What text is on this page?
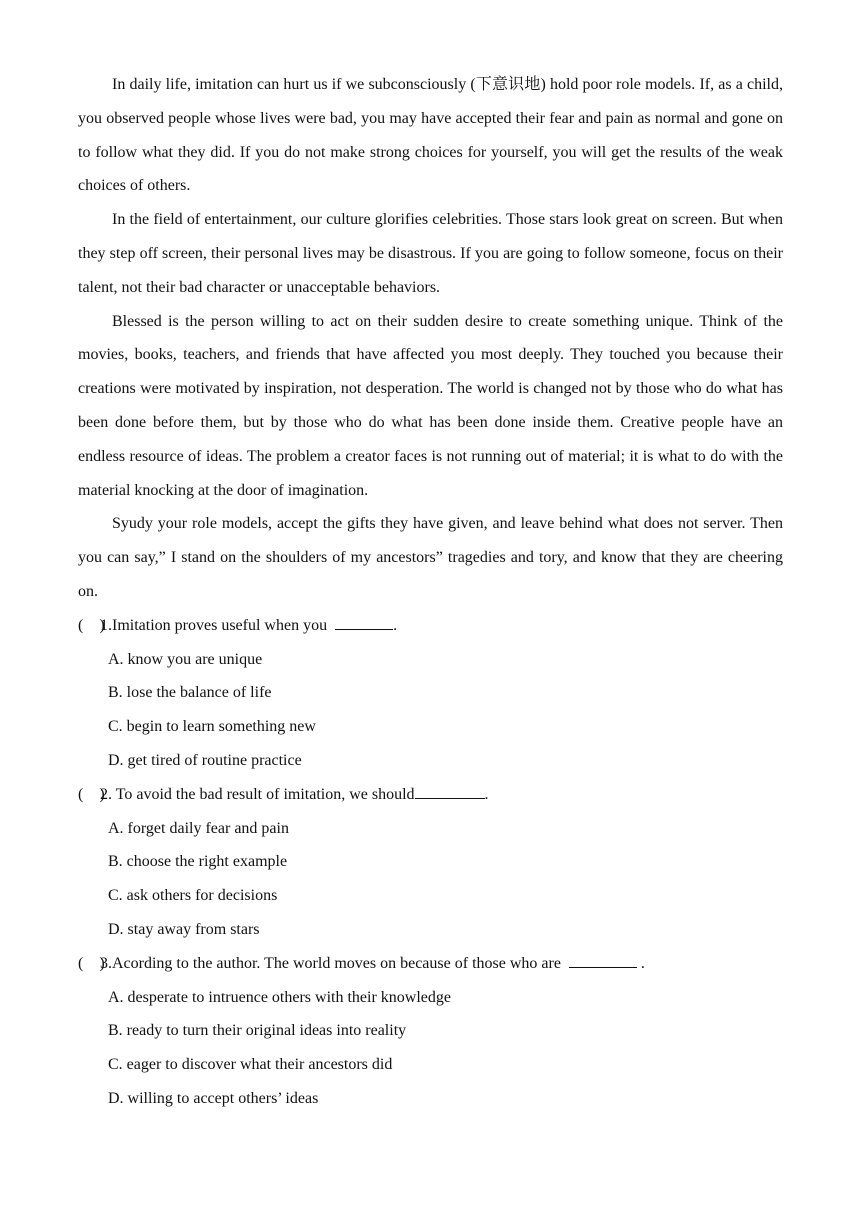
In daily life, imitation can hurt us if we subconsciously (下意识地) hold poor role models. If, as a child, you observed people whose lives were bad, you may have accepted their fear and pain as normal and gone on to follow what they did. If you do not make strong choices for yourself, you will get the results of the weak choices of others.

In the field of entertainment, our culture glorifies celebrities. Those stars look great on screen. But when they step off screen, their personal lives may be disastrous. If you are going to follow someone, focus on their talent, not their bad character or unacceptable behaviors.

Blessed is the person willing to act on their sudden desire to create something unique. Think of the movies, books, teachers, and friends that have affected you most deeply. They touched you because their creations were motivated by inspiration, not desperation. The world is changed not by those who do what has been done before them, but by those who do what has been done inside them. Creative people have an endless resource of ideas. The problem a creator faces is not running out of material; it is what to do with the material knocking at the door of imagination.

Syudy your role models, accept the gifts they have given, and leave behind what does not server. Then you can say,” I stand on the shoulders of my ancestors” tragedies and tory, and know that they are cheering on.

(    )1.Imitation proves useful when you	.
A. know you are unique
B. lose the balance of life
C. begin to learn something new
D. get tired of routine practice
(    )2. To avoid the bad result of imitation, we should	.
A. forget daily fear and pain
B. choose the right example
C. ask others for decisions
D. stay away from stars
(    )3.Acording to the author. The world moves on because of those who are	.
A. desperate to intruence others with their knowledge
B. ready to turn their original ideas into reality
C. eager to discover what their ancestors did
D. willing to accept others’ ideas
